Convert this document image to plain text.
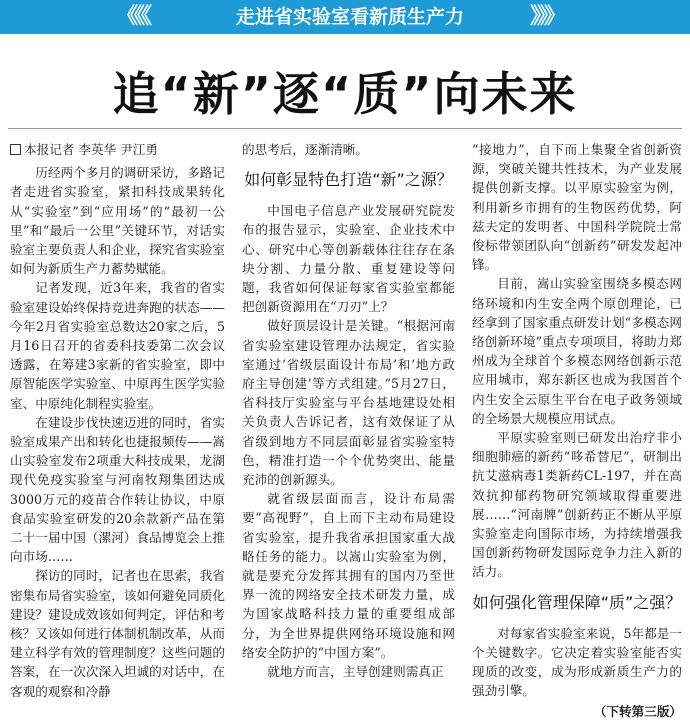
《《《	走进省实验室看新质生产力	》》》
追“新”逐“质”向未来
本报记者 李英华 尹江勇

历经两个多月的调研采访，多路记者走进省实验室，紧扣科技成果转化从“实验室”到“应用场”的“最初一公里”和“最后一公里”关键环节，对话实验室主要负责人和企业，探究省实验室如何为新质生产力蓄势赋能。

记者发现，近3年来，我省的省实验室建设始终保持竞进奔跑的状态——今年2月省实验室总数达20家之后，5月16日召开的省委科技委第二次会议透露，在筹建3家新的省实验室，即中原智能医学实验室、中原再生医学实验室、中原纯化制程实验室。

在建设步伐快速迈进的同时，省实验室成果产出和转化也捷报频传——嵩山实验室发布2项重大科技成果，龙湖现代免疫实验室与河南牧翔集团达成3000万元的疫苗合作转让协议，中原食品实验室研发的20余款新产品在第二十一届中国（漯河）食品博览会上推向市场……

探访的同时，记者也在思索，我省密集布局省实验室，该如何避免同质化建设？建设成效该如何判定，评估和考核？又该如何进行体制机制改革，从而建立科学有效的管理制度？这些问题的答案，在一次次深入坦诚的对话中，在客观的观察和冷静

的思考后，逐渐清晰。

如何彰显特色打造“新”之源？

中国电子信息产业发展研究院发布的报告显示，实验室、企业技术中心、研究中心等创新载体往往存在条块分割、力量分散、重复建设等问题，我省如何保证每家省实验室都能把创新资源用在“刀刃”上？

做好顶层设计是关键。“根据河南省实验室建设管理办法规定，省实验室通过‘省级层面设计布局’和‘地方政府主导创建’等方式组建。”5月27日，省科技厅实验室与平台基地建设处相关负责人告诉记者，这有效保证了从省级到地方不同层面彰显省实验室特色，精准打造一个个优势突出、能量充沛的创新源头。

就省级层面而言，设计布局需要“高视野”，自上而下主动布局建设省实验室，提升我省承担国家重大战略任务的能力。以嵩山实验室为例，就是要充分发挥其拥有的国内乃至世界一流的网络安全技术研发力量，成为国家战略科技力量的重要组成部分，为全世界提供网络环境设施和网络安全防护的“中国方案”。

就地方而言，主导创建则需真正

“接地力”，自下而上集聚全省创新资源，突破关键共性技术，为产业发展提供创新支撑。以平原实验室为例，利用新乡市拥有的生物医药优势，阿兹夫定的发明者、中国科学院院士常俊标带领团队向“创新药”研发发起冲锋。

目前，嵩山实验室围绕多模态网络环境和内生安全两个原创理论，已经拿到了国家重点研发计划“多模态网络创新环境”重点专项项目，将助力郑州成为全球首个多模态网络创新示范应用城市，郑东新区也成为我国首个内生安全云原生平台在电子政务领域的全场景大规模应用试点。

平原实验室则已研发出治疗非小细胞肺癌的新药“哆希替尼”，研制出抗艾滋病毒1类新药CL-197，并在高效抗抑郁药物研究领域取得重要进展……“河南牌”创新药正不断从平原实验室走向国际市场，为持续增强我国创新药物研发国际竞争力注入新的活力。

如何强化管理保障“质”之强？

对每家省实验室来说，5年都是一个关键数字。它决定着实验室能否实现质的改变，成为形成新质生产力的强劲引擎。

（下转第三版）
